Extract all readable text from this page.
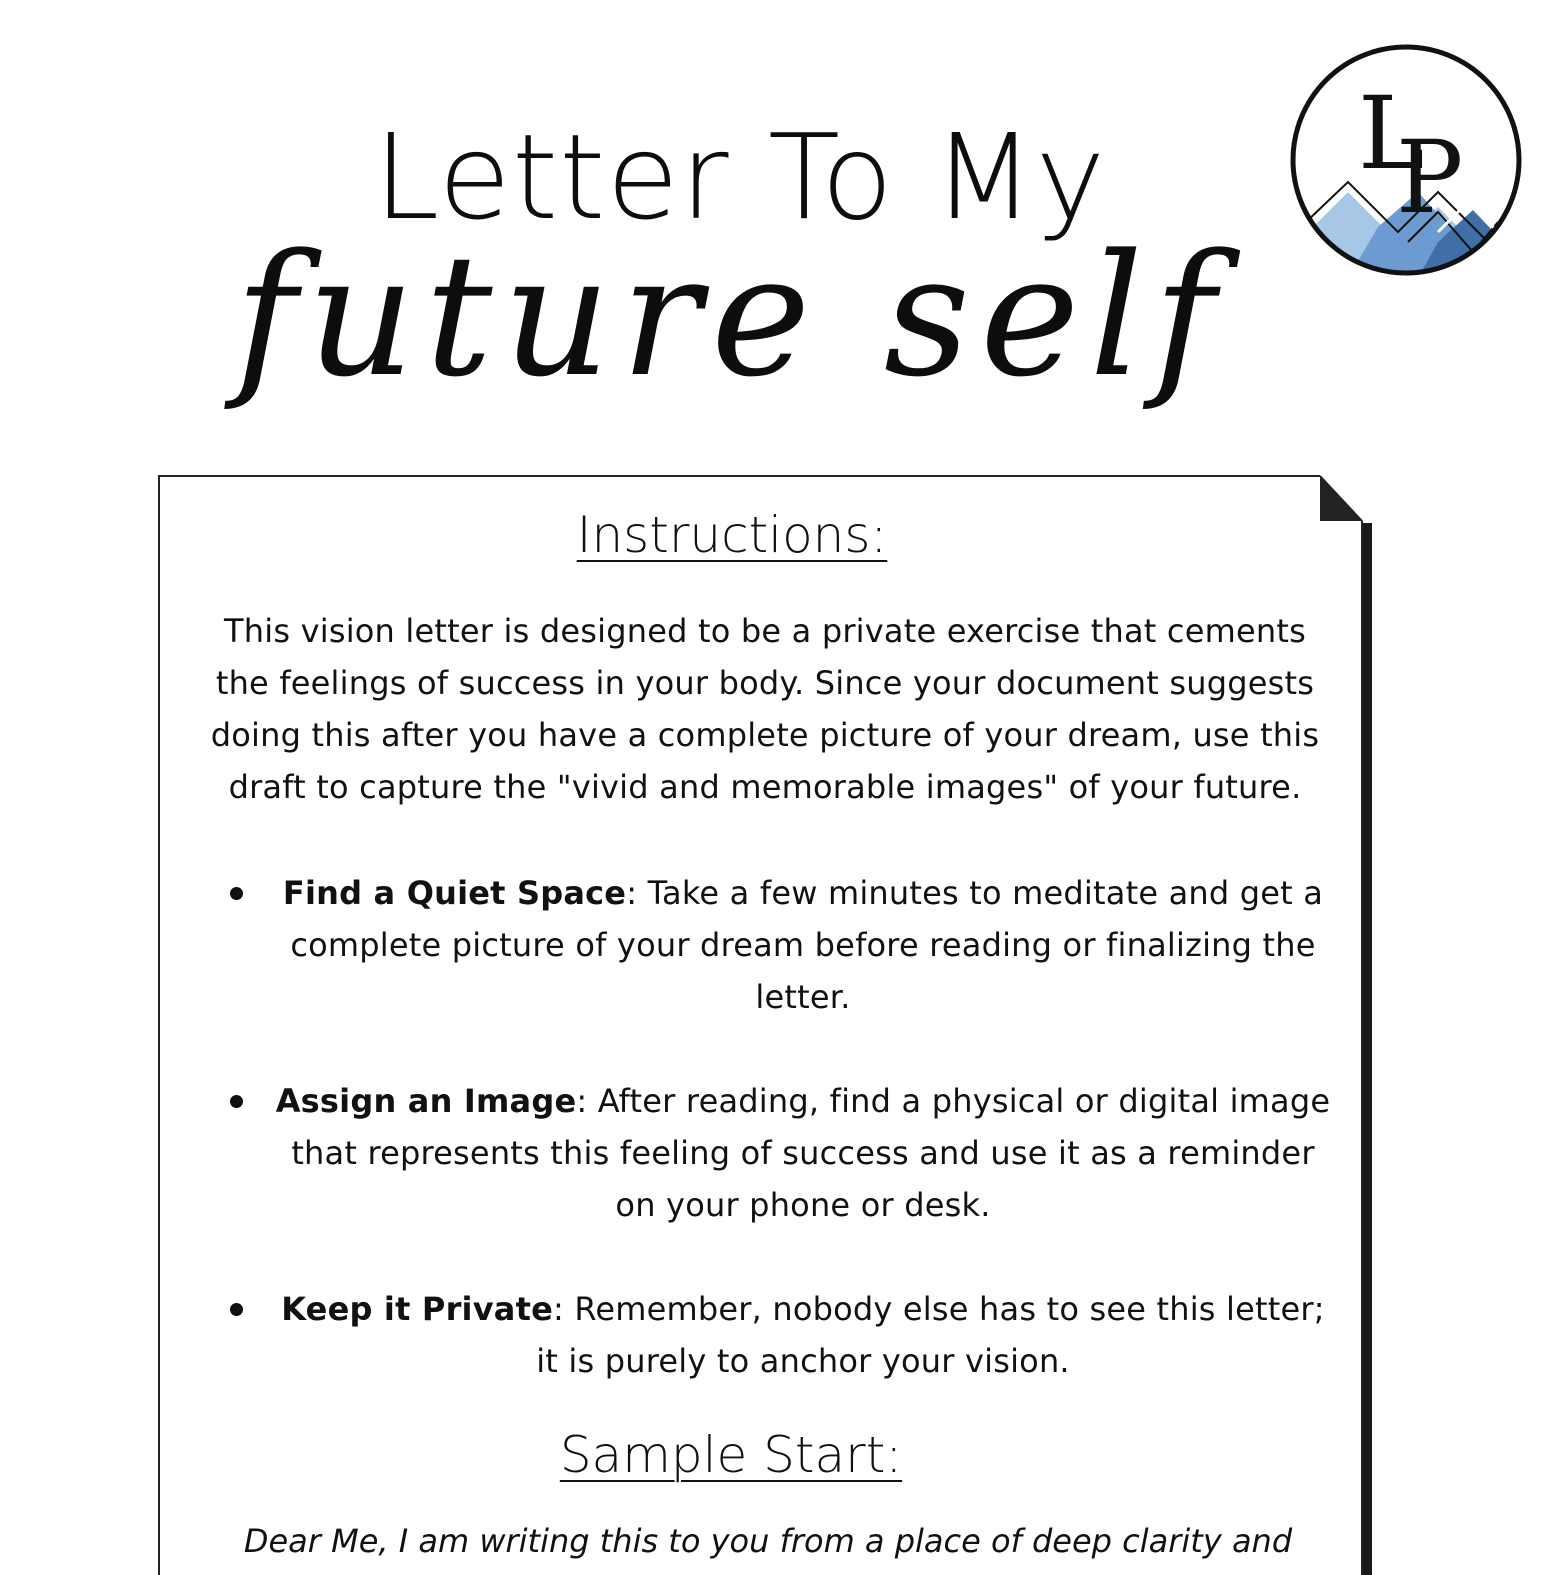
Letter To My
future self
L
P
Instructions:

This vision letter is designed to be a private exercise that cements the feelings of success in your body. Since your document suggests doing this after you have a complete picture of your dream, use this draft to capture the "vivid and memorable images" of your future.

Find a Quiet Space: Take a few minutes to meditate and get a complete picture of your dream before reading or finalizing the letter.
Assign an Image: After reading, find a physical or digital image that represents this feeling of success and use it as a reminder on your phone or desk.
Keep it Private: Remember, nobody else has to see this letter; it is purely to anchor your vision.
Sample Start:
Dear Me, I am writing this to you from a place of deep clarity and
